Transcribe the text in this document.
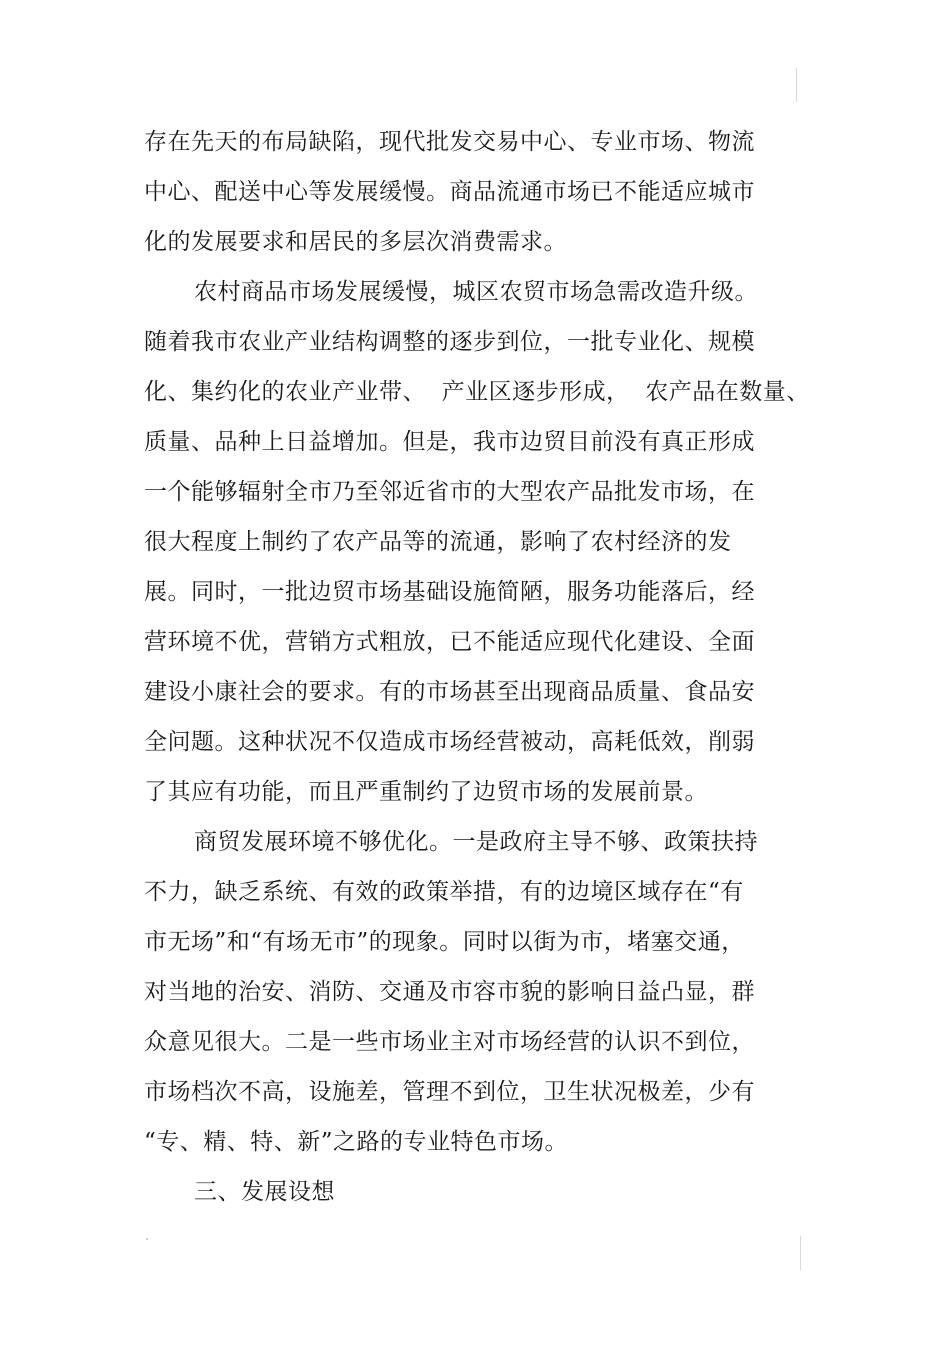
存在先天的布局缺陷，现代批发交易中心、专业市场、物流
中心、配送中心等发展缓慢。商品流通市场已不能适应城市
化的发展要求和居民的多层次消费需求。
农村商品市场发展缓慢，城区农贸市场急需改造升级。
随着我市农业产业结构调整的逐步到位，一批专业化、规模
化、集约化的农业产业带、  产业区逐步形成，  农产品在数量、
质量、品种上日益增加。但是，我市边贸目前没有真正形成
一个能够辐射全市乃至邻近省市的大型农产品批发市场，在
很大程度上制约了农产品等的流通，影响了农村经济的发
展。同时，一批边贸市场基础设施简陋，服务功能落后，经
营环境不优，营销方式粗放，已不能适应现代化建设、全面
建设小康社会的要求。有的市场甚至出现商品质量、食品安
全问题。这种状况不仅造成市场经营被动，高耗低效，削弱
了其应有功能，而且严重制约了边贸市场的发展前景。
商贸发展环境不够优化。一是政府主导不够、政策扶持
不力，缺乏系统、有效的政策举措，有的边境区域存在“有
市无场”和“有场无市”的现象。同时以街为市，堵塞交通，
对当地的治安、消防、交通及市容市貌的影响日益凸显，群
众意见很大。二是一些市场业主对市场经营的认识不到位，
市场档次不高，设施差，管理不到位，卫生状况极差，少有
“专、精、特、新”之路的专业特色市场。
三、发展设想
